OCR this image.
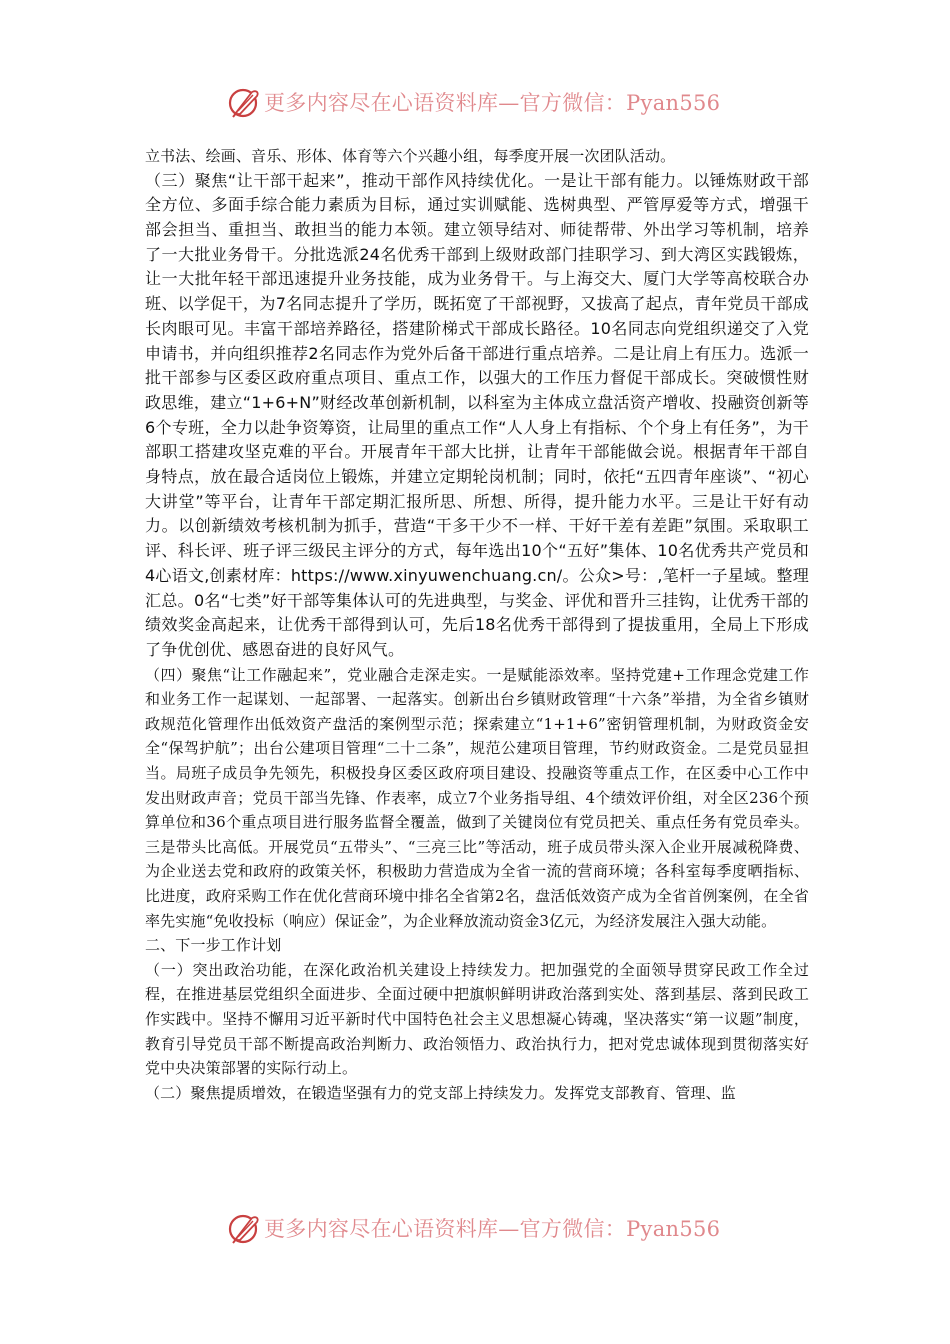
更多内容尽在心语资料库—官方微信：Pyan556

立书法、绘画、音乐、形体、体育等六个兴趣小组，每季度开展一次团队活动。

（三）聚焦“让干部干起来”，推动干部作风持续优化。一是让干部有能力。以锤炼财政干部全方位、多面手综合能力素质为目标，通过实训赋能、选树典型、严管厚爱等方式，增强干部会担当、重担当、敢担当的能力本领。建立领导结对、师徒帮带、外出学习等机制，培养了一大批业务骨干。分批选派24名优秀干部到上级财政部门挂职学习、到大湾区实践锻炼，让一大批年轻干部迅速提升业务技能，成为业务骨干。与上海交大、厦门大学等高校联合办班、以学促干，为7名同志提升了学历，既拓宽了干部视野，又拔高了起点，青年党员干部成长肉眼可见。丰富干部培养路径，搭建阶梯式干部成长路径。10名同志向党组织递交了入党申请书，并向组织推荐2名同志作为党外后备干部进行重点培养。二是让肩上有压力。选派一批干部参与区委区政府重点项目、重点工作，以强大的工作压力督促干部成长。突破惯性财政思维，建立“1+6+N”财经改革创新机制，以科室为主体成立盘活资产增收、投融资创新等6个专班，全力以赴争资筹资，让局里的重点工作“人人身上有指标、个个身上有任务”，为干部职工搭建攻坚克难的平台。开展青年干部大比拼，让青年干部能做会说。根据青年干部自身特点，放在最合适岗位上锻炼，并建立定期轮岗机制；同时，依托“五四青年座谈”、“初心大讲堂”等平台，让青年干部定期汇报所思、所想、所得，提升能力水平。三是让干好有动力。以创新绩效考核机制为抓手，营造“干多干少不一样、干好干差有差距”氛围。采取职工评、科长评、班子评三级民主评分的方式，每年选出10个“五好”集体、10名优秀共产党员和4心语文,创素材库：https://www.xinyuwenchuang.cn/。公众>号：,笔杆一子星域。整理汇总。0名“七类”好干部等集体认可的先进典型，与奖金、评优和晋升三挂钩，让优秀干部的绩效奖金高起来，让优秀干部得到认可，先后18名优秀干部得到了提拔重用，全局上下形成了争优创优、感恩奋进的良好风气。

（四）聚焦“让工作融起来”，党业融合走深走实。一是赋能添效率。坚持党建+工作理念党建工作和业务工作一起谋划、一起部署、一起落实。创新出台乡镇财政管理“十六条”举措，为全省乡镇财政规范化管理作出低效资产盘活的案例型示范；探索建立“1+1+6”密钥管理机制，为财政资金安全“保驾护航”；出台公建项目管理“二十二条”，规范公建项目管理，节约财政资金。二是党员显担当。局班子成员争先领先，积极投身区委区政府项目建设、投融资等重点工作，在区委中心工作中发出财政声音；党员干部当先锋、作表率，成立7个业务指导组、4个绩效评价组，对全区236个预算单位和36个重点项目进行服务监督全覆盖，做到了关键岗位有党员把关、重点任务有党员牵头。三是带头比高低。开展党员“五带头”、“三亮三比”等活动，班子成员带头深入企业开展减税降费、为企业送去党和政府的政策关怀，积极助力营造成为全省一流的营商环境；各科室每季度晒指标、比进度，政府采购工作在优化营商环境中排名全省第2名，盘活低效资产成为全省首例案例，在全省率先实施“免收投标（响应）保证金”，为企业释放流动资金3亿元，为经济发展注入强大动能。

二、下一步工作计划

（一）突出政治功能，在深化政治机关建设上持续发力。把加强党的全面领导贯穿民政工作全过程，在推进基层党组织全面进步、全面过硬中把旗帜鲜明讲政治落到实处、落到基层、落到民政工作实践中。坚持不懈用习近平新时代中国特色社会主义思想凝心铸魂，坚决落实“第一议题”制度，教育引导党员干部不断提高政治判断力、政治领悟力、政治执行力，把对党忠诚体现到贯彻落实好党中央决策部署的实际行动上。

（二）聚焦提质增效，在锻造坚强有力的党支部上持续发力。发挥党支部教育、管理、监

更多内容尽在心语资料库—官方微信：Pyan556
